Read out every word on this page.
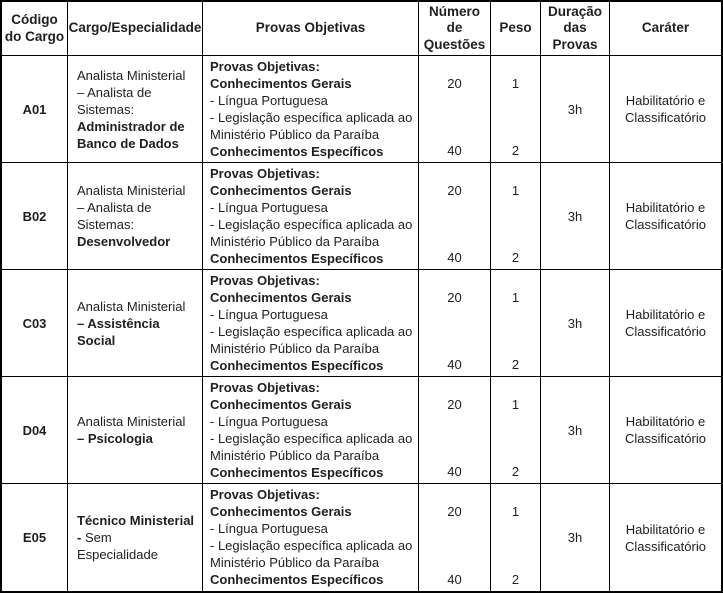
Código do Cargo
Cargo/Especialidade	Provas Objetivas
Número de Questões
Peso
Duração das Provas
Caráter
A01
Analista Ministerial – Analista de Sistemas: Administrador de Banco de Dados
Provas Objetivas:
Conhecimentos Gerais
- Língua Portuguesa
- Legislação específica aplicada ao Ministério Público da Paraíba
Conhecimentos Específicos
20
40
1
2
3h
Habilitatório e Classificatório
B02
Analista Ministerial – Analista de Sistemas: Desenvolvedor
Provas Objetivas:
Conhecimentos Gerais
- Língua Portuguesa
- Legislação específica aplicada ao Ministério Público da Paraíba
Conhecimentos Específicos
20
40
1
2
3h
Habilitatório e Classificatório
C03
Analista Ministerial – Assistência Social
Provas Objetivas:
Conhecimentos Gerais
- Língua Portuguesa
- Legislação específica aplicada ao Ministério Público da Paraíba
Conhecimentos Específicos
20
40
1
2
3h
Habilitatório e Classificatório
D04
Analista Ministerial – Psicologia
Provas Objetivas:
Conhecimentos Gerais
- Língua Portuguesa
- Legislação específica aplicada ao Ministério Público da Paraíba
Conhecimentos Específicos
20
40
1
2
3h
Habilitatório e Classificatório
E05
Técnico Ministerial - Sem Especialidade
Provas Objetivas:
Conhecimentos Gerais
- Língua Portuguesa
- Legislação específica aplicada ao Ministério Público da Paraíba
Conhecimentos Específicos
20
40
1
2
3h
Habilitatório e Classificatório
